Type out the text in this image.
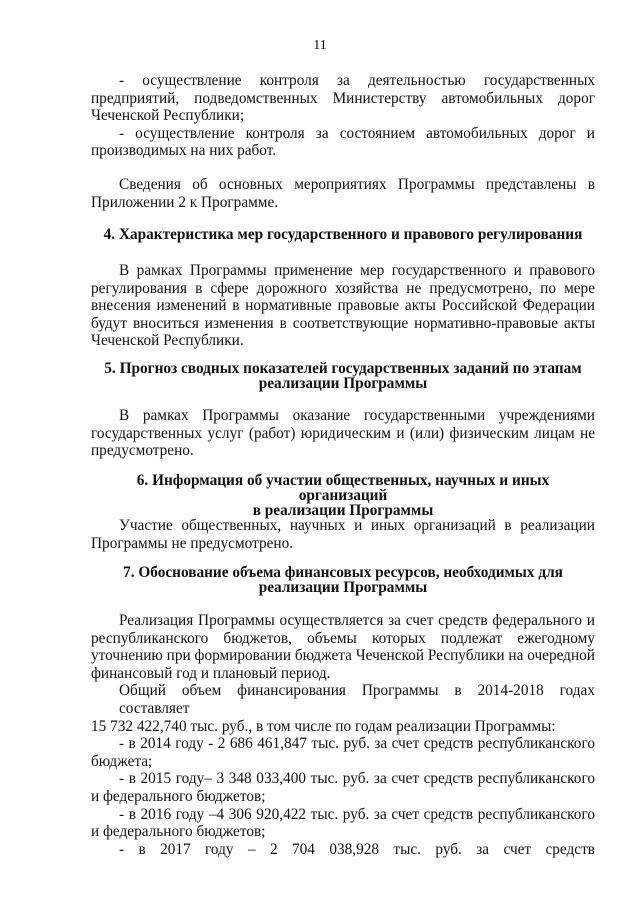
11
- осуществление контроля за деятельностью государственных
предприятий, подведомственных Министерству автомобильных дорог
Чеченской Республики;
- осуществление контроля за состоянием автомобильных дорог и
производимых на них работ.
Сведения об основных мероприятиях Программы представлены в
Приложении 2 к Программе.
4. Характеристика мер государственного и правового регулирования
В рамках Программы применение мер государственного и правового
регулирования в сфере дорожного хозяйства не предусмотрено, по мере
внесения изменений в нормативные правовые акты Российской Федерации
будут вноситься изменения в соответствующие нормативно-правовые акты
Чеченской Республики.
5. Прогноз сводных показателей государственных заданий по этапам
реализации Программы
В рамках Программы оказание государственными учреждениями
государственных услуг (работ) юридическим и (или) физическим лицам не
предусмотрено.
6. Информация об участии общественных, научных и иных организаций
в реализации Программы
Участие общественных, научных и иных организаций в реализации
Программы не предусмотрено.
7. Обоснование объема финансовых ресурсов, необходимых для
реализации Программы
Реализация Программы осуществляется за счет средств федерального и
республиканского бюджетов, объемы которых подлежат ежегодному
уточнению при формировании бюджета Чеченской Республики на очередной
финансовый год и плановый период.
Общий объем финансирования Программы в 2014-2018 годах составляет
15 732 422,740 тыс. руб., в том числе по годам реализации Программы:
- в 2014 году - 2 686 461,847 тыс. руб. за счет средств республиканского
бюджета;
- в 2015 году– 3 348 033,400 тыс. руб. за счет средств республиканского
и федерального бюджетов;
- в 2016 году –4 306 920,422 тыс. руб. за счет средств республиканского
и федерального бюджетов;
- в 2017 году – 2 704 038,928 тыс. руб. за счет средств
